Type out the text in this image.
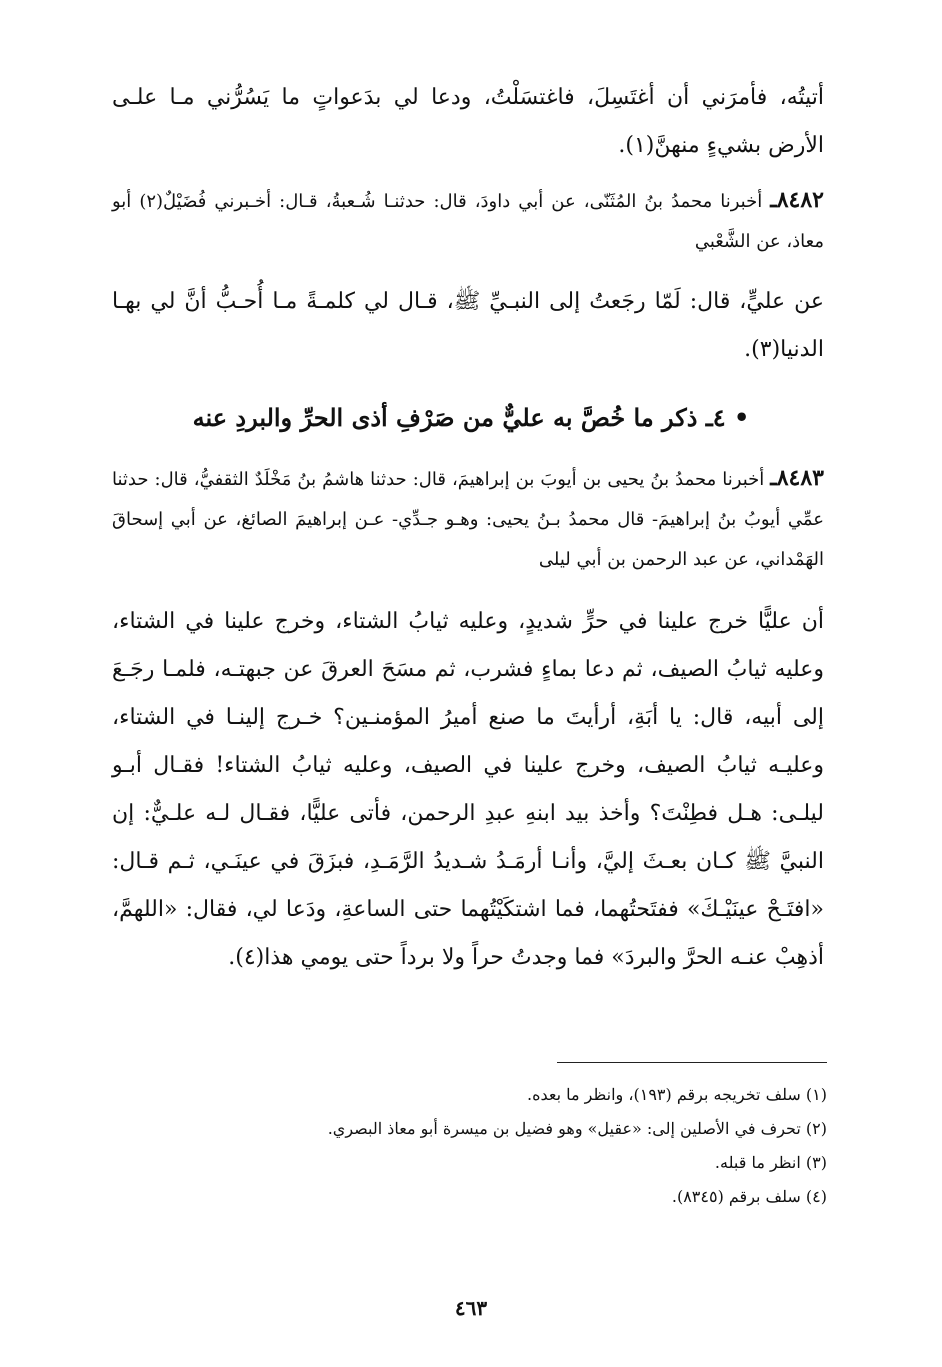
أتيتُه، فأمرَني أن أغتَسِلَ، فاغتسَلْتُ، ودعا لي بدَعواتٍ ما يَسُرُّني مـا علـى الأرض بشيءٍ منهنَّ(١).
٨٤٨٢ـ أخبرنا محمدُ بنُ المُثَنّى، عن أبي داودَ، قال: حدثنـا شُـعبةُ، قـال: أخـبرني فُضَيْلٌ(٢) أبو معاذ، عن الشَّعْبي
عن عليٍّ، قال: لَمّا رجَعتُ إلى النبـيِّ ﷺ، قـال لي كلمـةً مـا أُحـبُّ أنَّ لي بهـا الدنيا(٣).
• ٤ـ ذكر ما خُصَّ به عليٌّ من صَرْفِ أذى الحرِّ والبردِ عنه
٨٤٨٣ـ أخبرنا محمدُ بنُ يحيى بن أيوبَ بن إبراهيمَ، قال: حدثنا هاشمُ بنُ مَخْلَدٌ الثقفيُّ، قال: حدثنا عمِّي أيوبُ بنُ إبراهيمَ- قال محمدُ بـنُ يحيى: وهـو جـدِّي- عـن إبراهيمَ الصائغ، عن أبي إسحاقَ الهَمْداني، عن عبد الرحمن بن أبي ليلى
أن عليًّا خرج علينا في حرٍّ شديدٍ، وعليه ثيابُ الشتاء، وخرج علينا في الشتاء، وعليه ثيابُ الصيف، ثم دعا بماءٍ فشرب، ثم مسَحَ العرقَ عن جبهتـه، فلمـا رجَـعَ إلى أبيه، قال: يا أبَةِ، أرأيتَ ما صنع أميرُ المؤمنـين؟ خـرج إلينـا في الشتاء، وعليـه ثيابُ الصيف، وخرج علينا في الصيف، وعليه ثيابُ الشتاء! فقـال أبـو ليلـى: هـل فطِنْتَ؟ وأخذ بيد ابنهِ عبدِ الرحمن، فأتى عليًّا، فقـال لـه علـيٌّ: إن النبيَّ ﷺ كـان بعـثَ إليَّ، وأنـا أرمَـدُ شـديدُ الرَّمَـدِ، فبزَقَ في عينَـي، ثـم قـال: «افتَـحْ عينَيْـكَ» ففتَحتُهما، فما اشتكَيْتُهما حتى الساعةِ، ودَعا لي، فقال: «اللهمَّ، أذهِبْ عنـه الحرَّ والبردَ» فما وجدتُ حراً ولا برداً حتى يومي هذا(٤).
(١) سلف تخريجه برقم (١٩٣)، وانظر ما بعده.
(٢) تحرف في الأصلين إلى: «عقيل» وهو فضيل بن ميسرة أبو معاذ البصري.
(٣) انظر ما قبله.
(٤) سلف برقم (٨٣٤٥).
٤٦٣
